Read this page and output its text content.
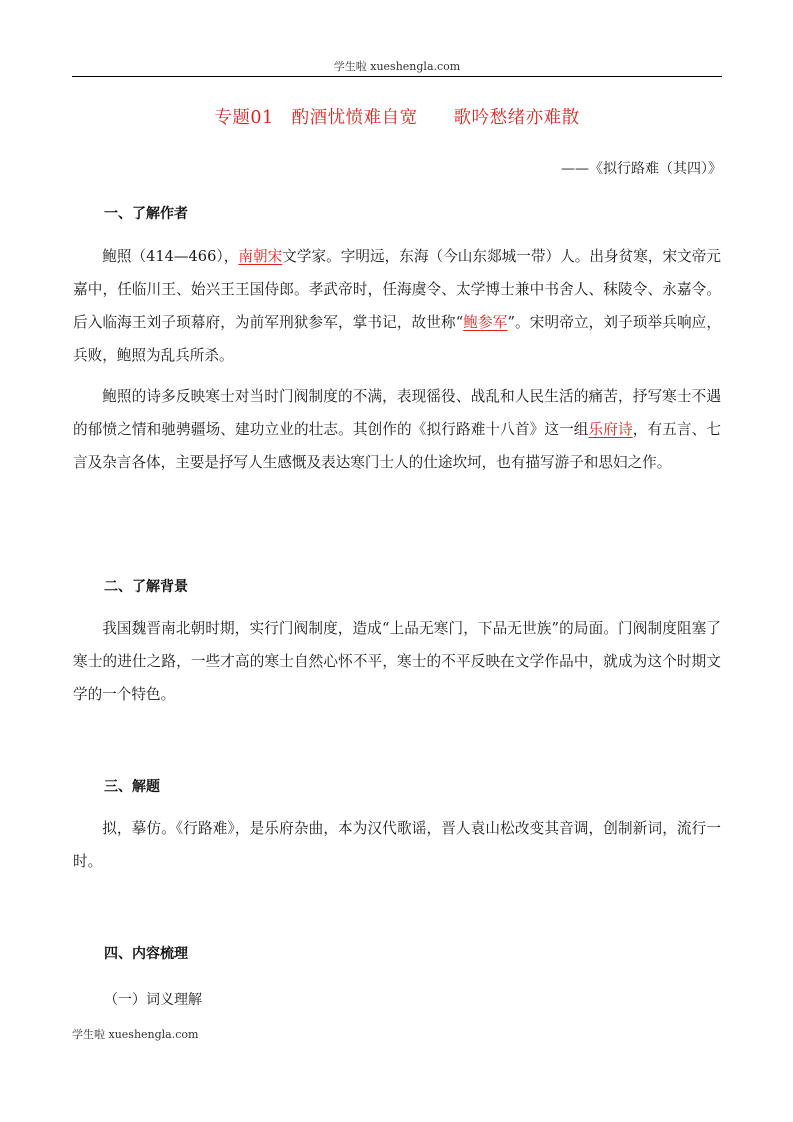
学生啦 xueshengla.com
专题01　酌酒忧愤难自宽　　歌吟愁绪亦难散
——《拟行路难（其四）》
一、了解作者

鲍照（414—466），南朝宋文学家。字明远，东海（今山东郯城一带）人。出身贫寒，宋文帝元嘉中，任临川王、始兴王王国侍郎。孝武帝时，任海虞令、太学博士兼中书舍人、秣陵令、永嘉令。后入临海王刘子顼幕府，为前军刑狱参军，掌书记，故世称“鲍参军”。宋明帝立，刘子顼举兵响应，兵败，鲍照为乱兵所杀。

鲍照的诗多反映寒士对当时门阀制度的不满，表现徭役、战乱和人民生活的痛苦，抒写寒士不遇的郁愤之情和驰骋疆场、建功立业的壮志。其创作的《拟行路难十八首》这一组乐府诗，有五言、七言及杂言各体，主要是抒写人生感慨及表达寒门士人的仕途坎坷，也有描写游子和思妇之作。

二、了解背景

我国魏晋南北朝时期，实行门阀制度，造成“上品无寒门，下品无世族”的局面。门阀制度阻塞了寒士的进仕之路，一些才高的寒士自然心怀不平，寒士的不平反映在文学作品中，就成为这个时期文学的一个特色。

三、解题

拟，摹仿。《行路难》，是乐府杂曲，本为汉代歌谣，晋人袁山松改变其音调，创制新词，流行一时。

四、内容梳理
（一）词义理解
学生啦 xueshengla.com
